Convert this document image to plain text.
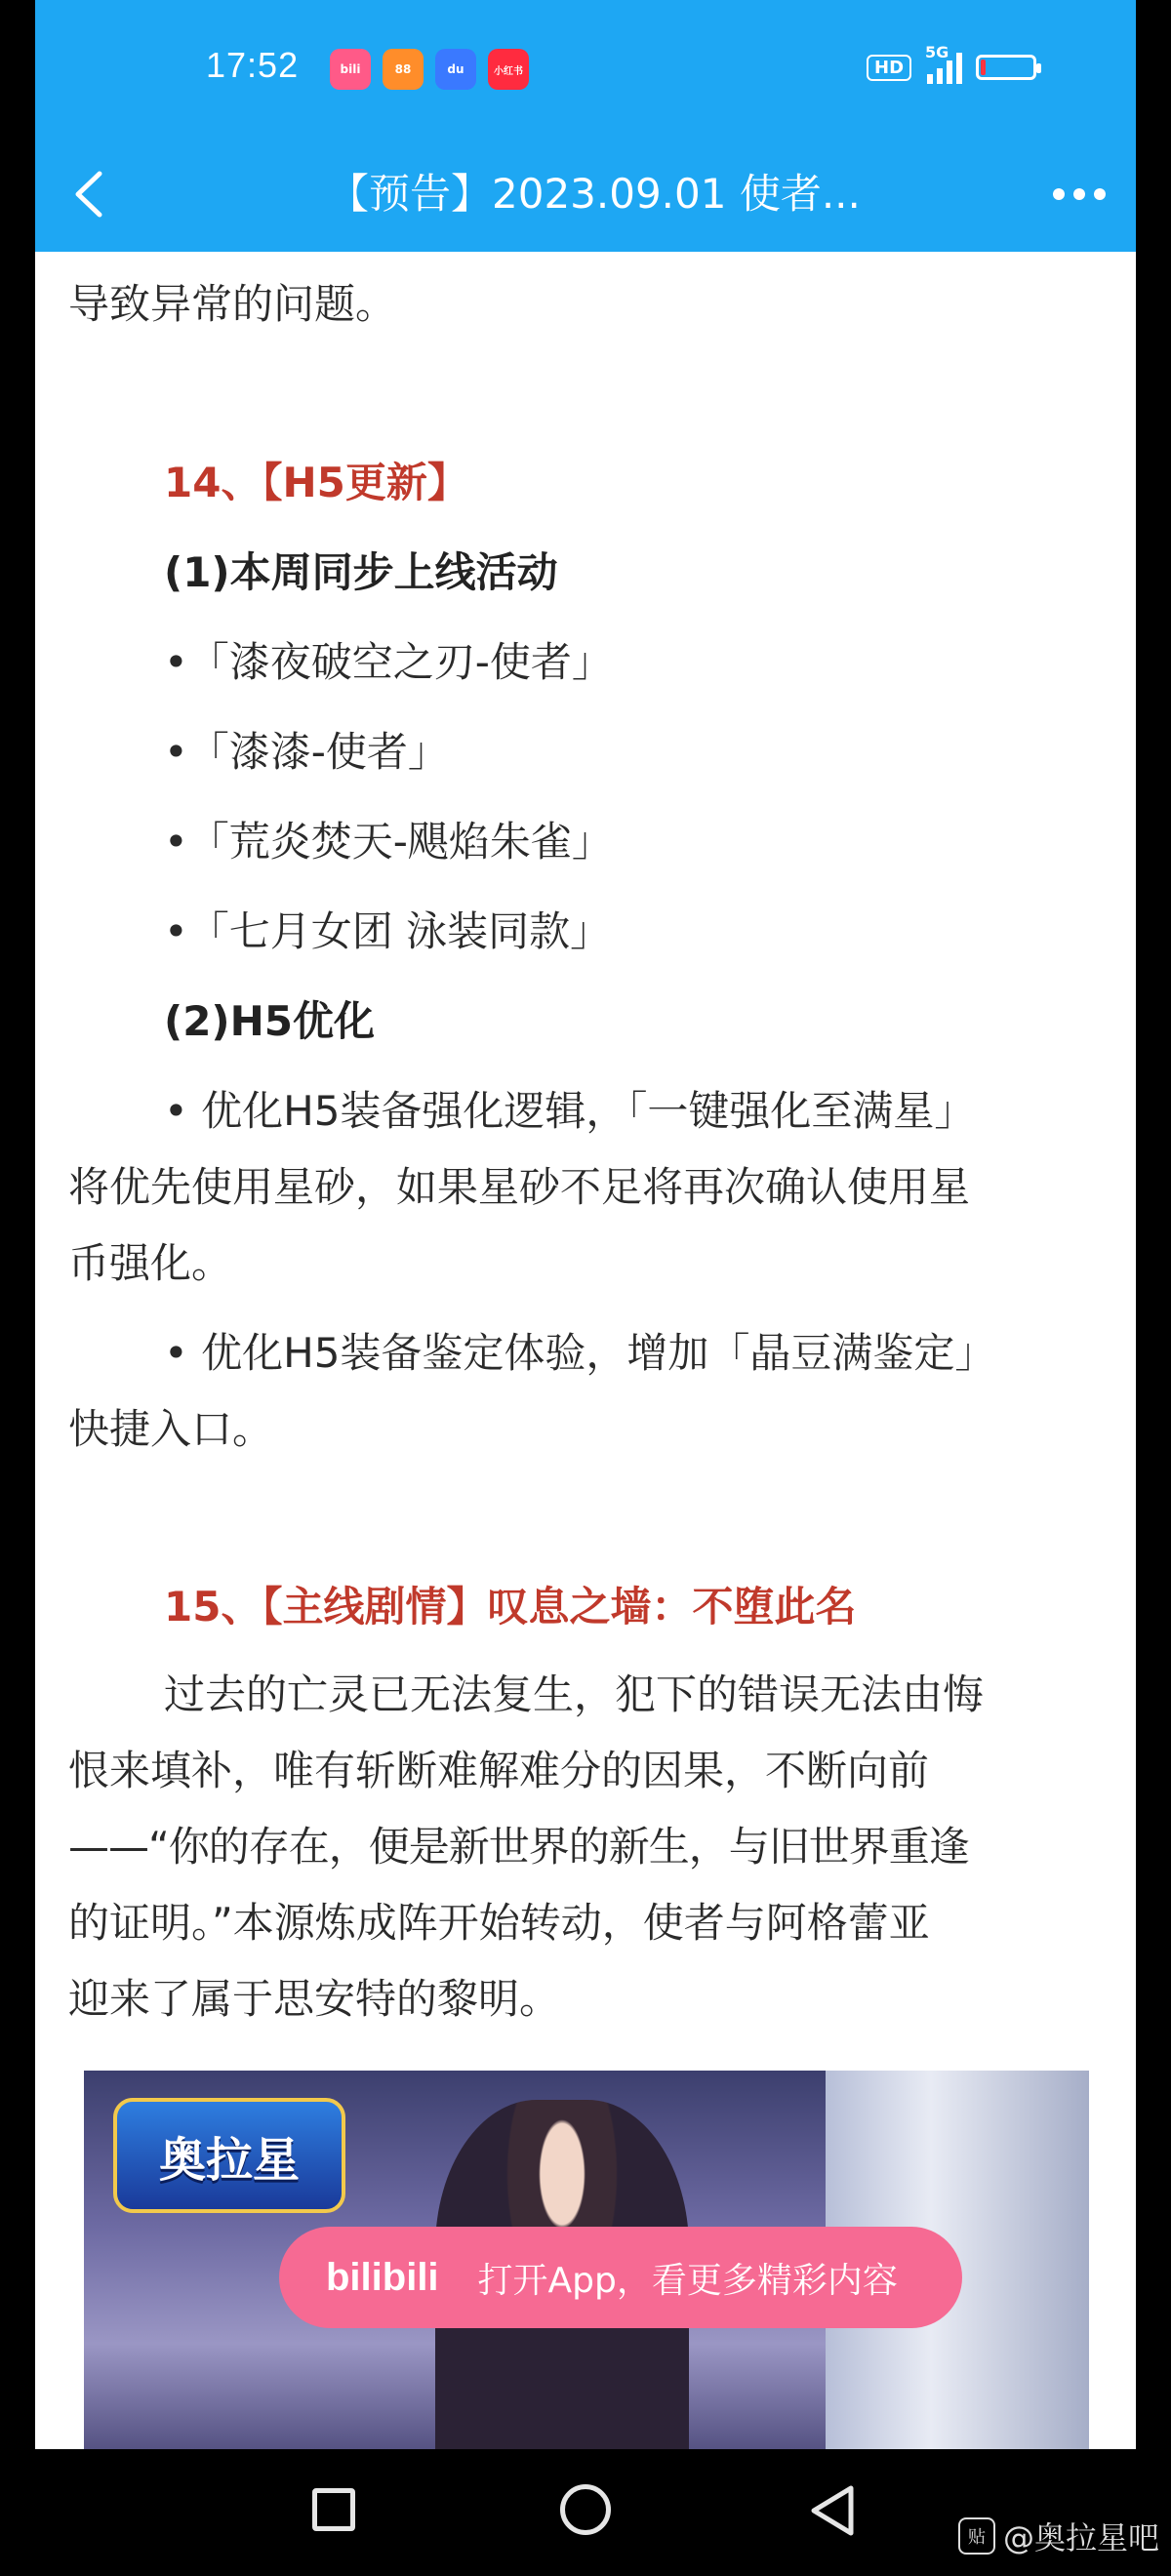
17:52	bili	88	du	小红书	HD
5G
【预告】2023.09.01 使者...
导致异常的问题。
14、【H5更新】
(1)本周同步上线活动
•「漆夜破空之刃-使者」
•「漆漆-使者」
•「荒炎焚天-飓焰朱雀」
•「七月女团 泳装同款」
(2)H5优化
• 优化H5装备强化逻辑，「一键强化至满星」
将优先使用星砂，如果星砂不足将再次确认使用星
币强化。
• 优化H5装备鉴定体验，增加「晶豆满鉴定」
快捷入口。
15、【主线剧情】叹息之墙：不堕此名
过去的亡灵已无法复生，犯下的错误无法由悔
恨来填补，唯有斩断难解难分的因果，不断向前
——“你的存在，便是新世界的新生，与旧世界重逢
的证明。”本源炼成阵开始转动，使者与阿格蕾亚
迎来了属于思安特的黎明。
奥拉星
bilibili 打开App，看更多精彩内容
贴 @奥拉星吧
